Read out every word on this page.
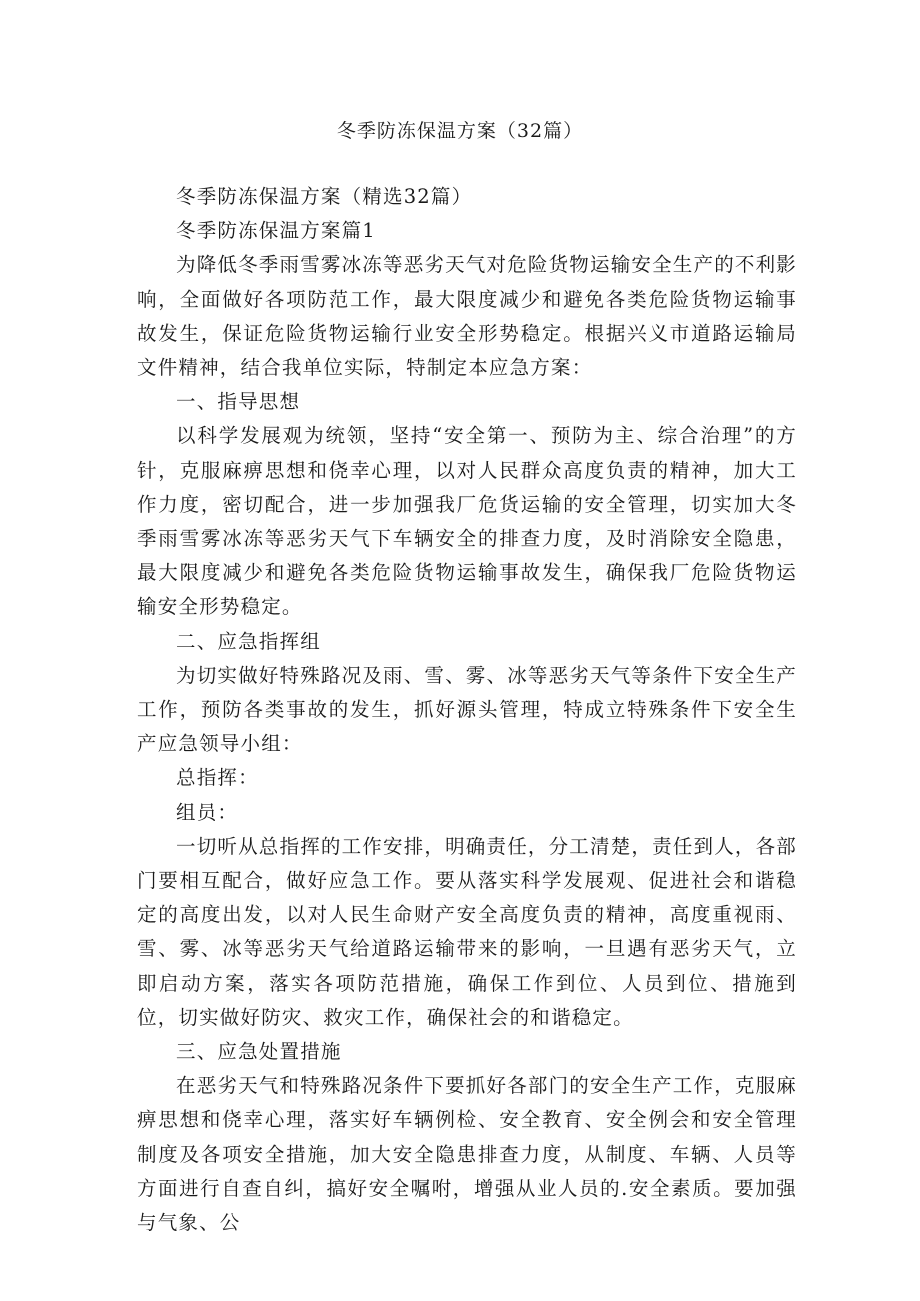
冬季防冻保温方案（32篇）

冬季防冻保温方案（精选32篇）

冬季防冻保温方案篇1

为降低冬季雨雪雾冰冻等恶劣天气对危险货物运输安全生产的不利影响，全面做好各项防范工作，最大限度减少和避免各类危险货物运输事故发生，保证危险货物运输行业安全形势稳定。根据兴义市道路运输局文件精神，结合我单位实际，特制定本应急方案：

一、指导思想

以科学发展观为统领，坚持“安全第一、预防为主、综合治理”的方针，克服麻痹思想和侥幸心理，以对人民群众高度负责的精神，加大工作力度，密切配合，进一步加强我厂危货运输的安全管理，切实加大冬季雨雪雾冰冻等恶劣天气下车辆安全的排查力度，及时消除安全隐患，最大限度减少和避免各类危险货物运输事故发生，确保我厂危险货物运输安全形势稳定。

二、应急指挥组

为切实做好特殊路况及雨、雪、雾、冰等恶劣天气等条件下安全生产工作，预防各类事故的发生，抓好源头管理，特成立特殊条件下安全生产应急领导小组：

总指挥：

组员：

一切听从总指挥的工作安排，明确责任，分工清楚，责任到人，各部门要相互配合，做好应急工作。要从落实科学发展观、促进社会和谐稳定的高度出发，以对人民生命财产安全高度负责的精神，高度重视雨、雪、雾、冰等恶劣天气给道路运输带来的影响，一旦遇有恶劣天气，立即启动方案，落实各项防范措施，确保工作到位、人员到位、措施到位，切实做好防灾、救灾工作，确保社会的和谐稳定。

三、应急处置措施

在恶劣天气和特殊路况条件下要抓好各部门的安全生产工作，克服麻痹思想和侥幸心理，落实好车辆例检、安全教育、安全例会和安全管理制度及各项安全措施，加大安全隐患排查力度，从制度、车辆、人员等方面进行自查自纠，搞好安全嘱咐，增强从业人员的.安全素质。要加强与气象、公
